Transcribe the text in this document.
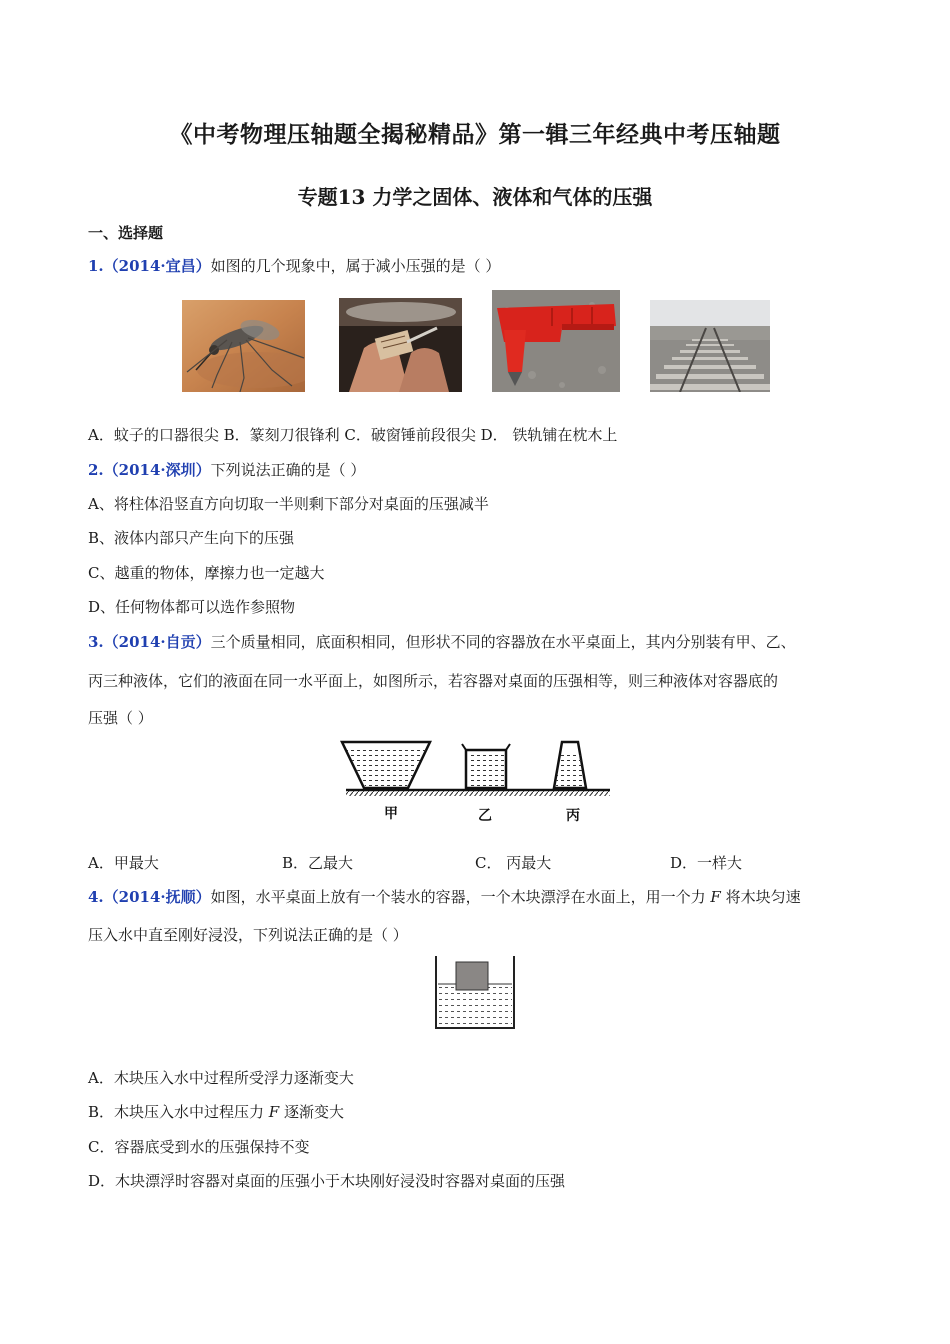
《中考物理压轴题全揭秘精品》第一辑三年经典中考压轴题
专题13 力学之固体、液体和气体的压强
一、选择题
1.（2014·宜昌）如图的几个现象中，属于减小压强的是（ ）
A．蚊子的口器很尖 B．篆刻刀很锋利 C．破窗锤前段很尖 D． 铁轨铺在枕木上
2.（2014·深圳）下列说法正确的是（ ）
A、将柱体沿竖直方向切取一半则剩下部分对桌面的压强减半
B、液体内部只产生向下的压强
C、越重的物体，摩擦力也一定越大
D、任何物体都可以选作参照物
3.（2014·自贡）三个质量相同，底面积相同，但形状不同的容器放在水平桌面上，其内分别装有甲、乙、
丙三种液体，它们的液面在同一水平面上，如图所示，若容器对桌面的压强相等，则三种液体对容器底的
压强（ ）
甲	乙	丙
A．甲最大	B．乙最大	C． 丙最大	D．一样大
4.（2014·抚顺）如图，水平桌面上放有一个装水的容器，一个木块漂浮在水面上，用一个力 F 将木块匀速
压入水中直至刚好浸没，下列说法正确的是（ ）
A．木块压入水中过程所受浮力逐渐变大
B．木块压入水中过程压力 F 逐渐变大
C．容器底受到水的压强保持不变
D．木块漂浮时容器对桌面的压强小于木块刚好浸没时容器对桌面的压强
